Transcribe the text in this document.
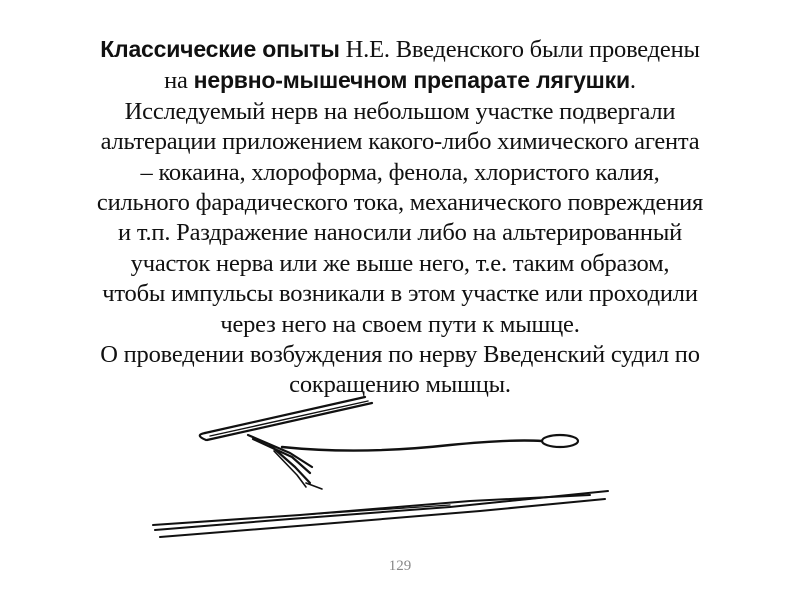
Классические опыты Н.Е. Введенского были проведены
на нервно-мышечном препарате лягушки.
Исследуемый нерв на небольшом участке подвергали
альтерации приложением какого-либо химического агента
– кокаина, хлороформа, фенола, хлористого калия,
сильного фарадического тока, механического повреждения
и т.п. Раздражение наносили либо на альтерированный
участок нерва или же выше него, т.е. таким образом,
чтобы импульсы возникали в этом участке или проходили
через него на своем пути к мышце.
О проведении возбуждения по нерву Введенский судил по
сокращению мышцы.
129
